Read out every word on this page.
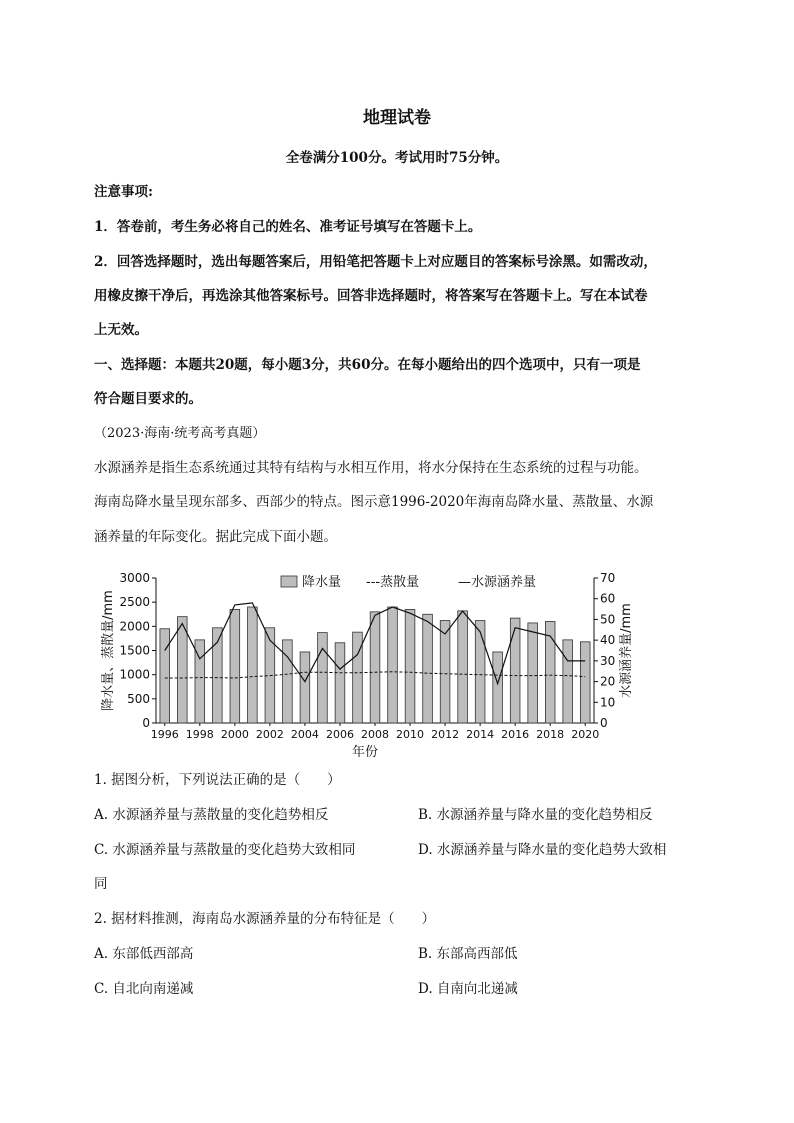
地理试卷
全卷满分100分。考试用时75分钟。
注意事项:
1．答卷前，考生务必将自己的姓名、准考证号填写在答题卡上。
2．回答选择题时，选出每题答案后，用铅笔把答题卡上对应题目的答案标号涂黑。如需改动，
用橡皮擦干净后，再选涂其他答案标号。回答非选择题时，将答案写在答题卡上。写在本试卷
上无效。
一、选择题：本题共20题，每小题3分，共60分。在每小题给出的四个选项中，只有一项是
符合题目要求的。
（2023·海南·统考高考真题）
水源涵养是指生态系统通过其特有结构与水相互作用，将水分保持在生态系统的过程与功能。
海南岛降水量呈现东部多、西部少的特点。图示意1996-2020年海南岛降水量、蒸散量、水源
涵养量的年际变化。据此完成下面小题。
0
500
1000
1500
2000
2500
3000
0
10
20
30
40
50
60
70
1996 1998 2000 2002 2004 2006 2008 2010 2012 2014 2016 2018 2020
年份
降水量、蒸散量/mm	水源涵养量/mm
降水量 ---蒸散量	—水源涵养量
1. 据图分析，下列说法正确的是（　　）
A. 水源涵养量与蒸散量的变化趋势相反	B. 水源涵养量与降水量的变化趋势相反
C. 水源涵养量与蒸散量的变化趋势大致相同	D. 水源涵养量与降水量的变化趋势大致相
同
2. 据材料推测，海南岛水源涵养量的分布特征是（　　）
A. 东部低西部高	B. 东部高西部低
C. 自北向南递减	D. 自南向北递减
